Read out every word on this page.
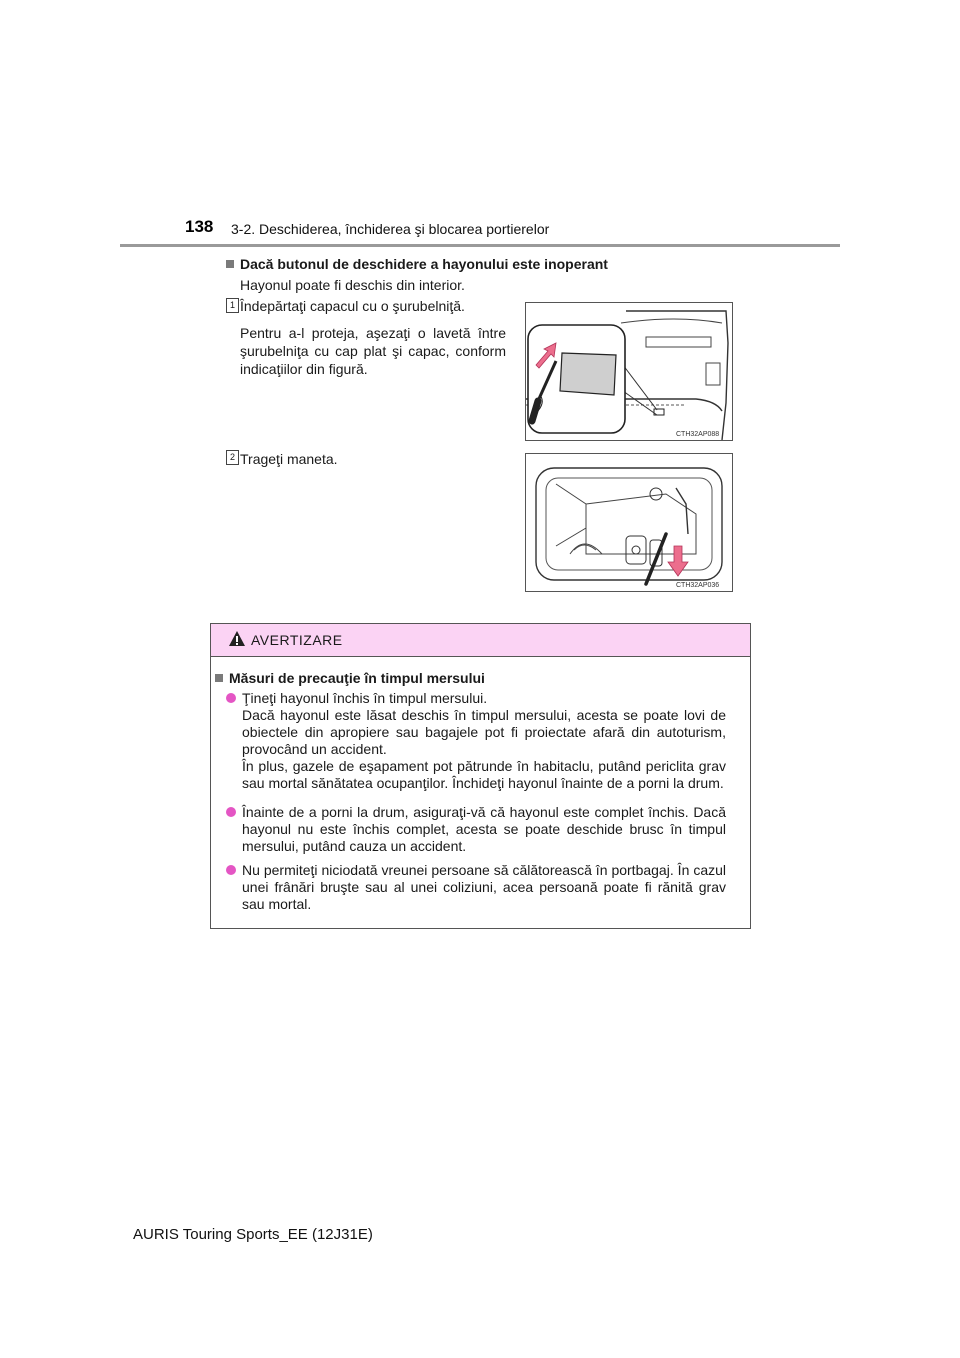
138 3-2. Deschiderea, închiderea şi blocarea portierelor
Dacă butonul de deschidere a hayonului este inoperant
Hayonul poate fi deschis din interior.
1 Îndepărtaţi capacul cu o şurubelniţă.
Pentru a-l proteja, aşezaţi o lavetă între şurubelniţa cu cap plat şi capac, conform indicaţiilor din figură.
CTH32AP088
2 Trageţi maneta.
CTH32AP036
AVERTIZARE
Măsuri de precauţie în timpul mersului
Ţineţi hayonul închis în timpul mersului.
Dacă hayonul este lăsat deschis în timpul mersului, acesta se poate lovi de obiectele din apropiere sau bagajele pot fi proiectate afară din autoturism, provocând un accident.
În plus, gazele de eşapament pot pătrunde în habitaclu, putând periclita grav sau mortal sănătatea ocupanţilor. Închideţi hayonul înainte de a porni la drum.
Înainte de a porni la drum, asiguraţi-vă că hayonul este complet închis. Dacă hayonul nu este închis complet, acesta se poate deschide brusc în timpul mersului, putând cauza un accident.
Nu permiteţi niciodată vreunei persoane să călătorească în portbagaj. În cazul unei frânări bruşte sau al unei coliziuni, acea persoană poate fi rănită grav sau mortal.
AURIS Touring Sports_EE (12J31E)
